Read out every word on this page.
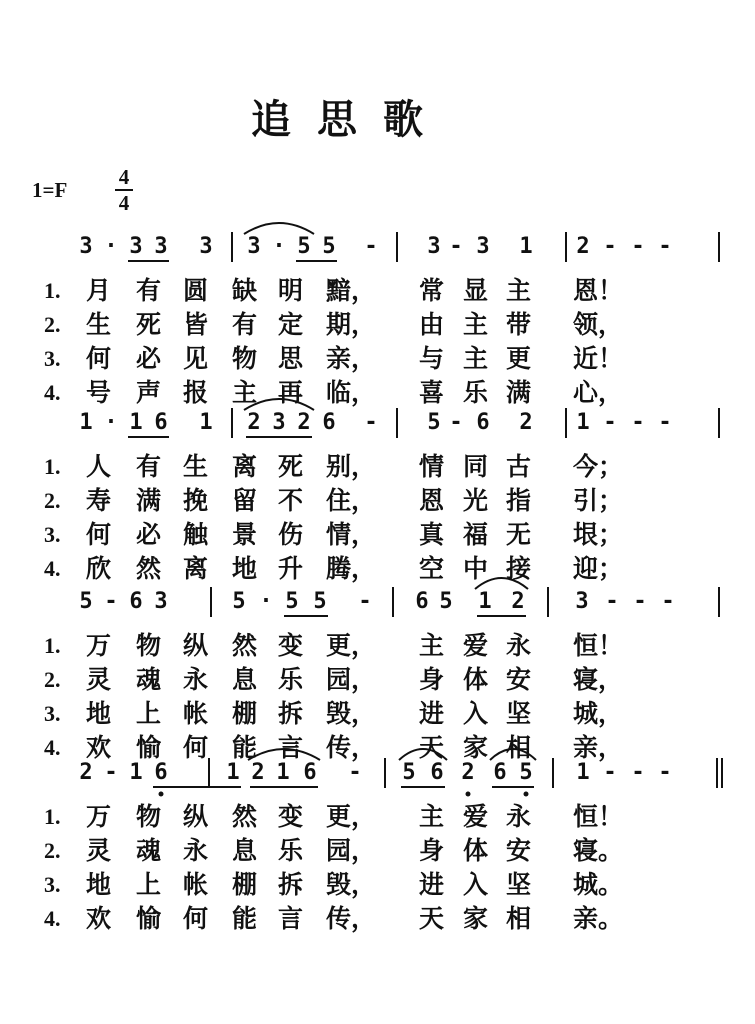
追思歌
1=F
4
4
3 · 3 3 3 3 · 5 5 - 3 - 3 1 2 - - -
1. 月 有 圆 缺 明 黯， 常 显 主 恩！
2. 生 死 皆 有 定 期， 由 主 带 领，
3. 何 必 见 物 思 亲， 与 主 更 近！
4. 号 声 报 主 再 临， 喜 乐 满 心，
1 · 1 6 1 2 3 2 6 - 5 - 6 2 1 - - -
1. 人 有 生 离 死 别， 情 同 古 今；
2. 寿 满 挽 留 不 住， 恩 光 指 引；
3. 何 必 触 景 伤 情， 真 福 无 垠；
4. 欣 然 离 地 升 腾， 空 中 接 迎；
5 - 6 3	5 · 5 5 - 6 5 1 2 3 - - -
1. 万 物 纵 然 变 更， 主 爱 永 恒！
2. 灵 魂 永 息 乐 园， 身 体 安 寝，
3. 地 上 帐 棚 拆 毁， 进 入 坚 城，
4. 欢 愉 何 能 言 传， 天 家 相 亲，
2 - 1 6	1 2 1 6 - 5 6 2 6 5 1 - - -
1. 万 物 纵 然 变 更， 主 爱 永 恒！
2. 灵 魂 永 息 乐 园， 身 体 安 寝。
3. 地 上 帐 棚 拆 毁， 进 入 坚 城。
4. 欢 愉 何 能 言 传， 天 家 相 亲。
